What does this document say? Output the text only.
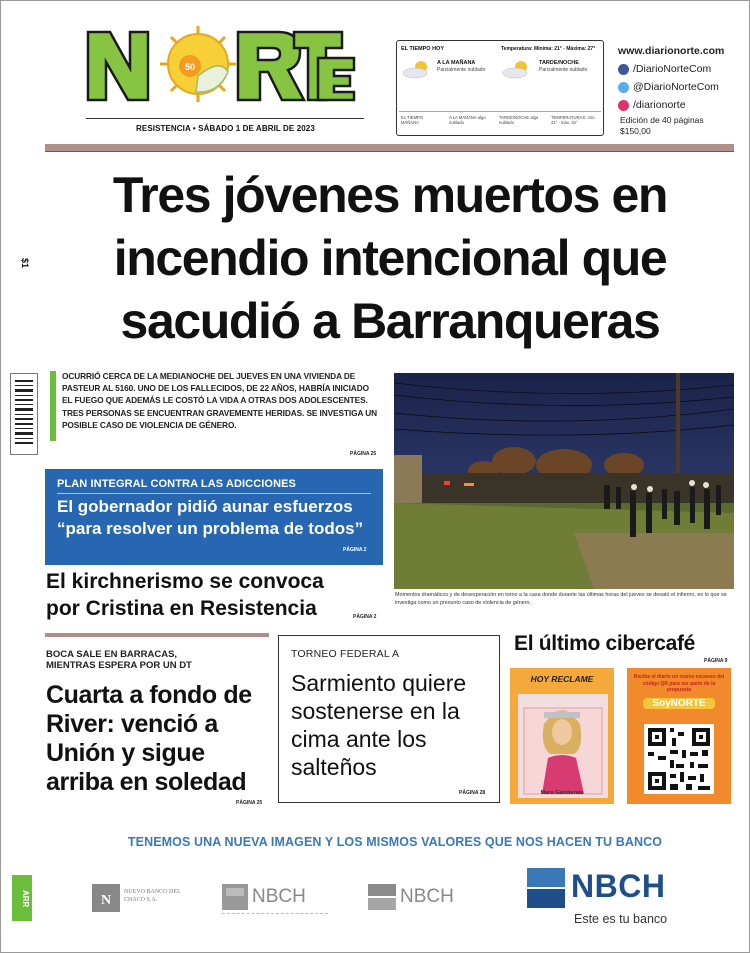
50
RESISTENCIA • SÁBADO 1 DE ABRIL DE 2023
EL TIEMPO HOY	Temperatura: Mínima: 21° - Máxima: 27°
A LA MAÑANA
Parcialmente nublado
TARDE/NOCHE
Parcialmente nublado
EL TIEMPO MAÑANA
A LA MAÑANA algo nublado
TARDE/NOCHE algo nublado
TEMPERATURAS: mín. 21° - máx. 32°
www.diarionorte.com
/DiarioNorteCom
@DiarioNorteCom
/diarionorte
Edición de 40 páginas
$150,00
Tres jóvenes muertos en
incendio intencional que
sacudió a Barranqueras
$1
OCURRIÓ CERCA DE LA MEDIANOCHE DEL JUEVES EN UNA VIVIENDA DE PASTEUR AL 5160. UNO DE LOS FALLECIDOS, DE 22 AÑOS, HABRÍA INICIADO EL FUEGO QUE ADEMÁS LE COSTÓ LA VIDA A OTRAS DOS ADOLESCENTES. TRES PERSONAS SE ENCUENTRAN GRAVEMENTE HERIDAS. SE INVESTIGA UN POSIBLE CASO DE VIOLENCIA DE GÉNERO.
PÁGINA 25
Momentos dramáticos y de desesperación en torno a la casa donde durante las últimas horas del jueves se desató el infierno, en lo que se investiga como un presunto caso de violencia de género.
PLAN INTEGRAL CONTRA LAS ADICCIONES
El gobernador pidió aunar esfuerzos
“para resolver un problema de todos”
PÁGINA 2
El kirchnerismo se convoca
por Cristina en Resistencia	PÁGINA 2
BOCA SALE EN BARRACAS,
MIENTRAS ESPERA POR UN DT
Cuarta a fondo de River: venció a Unión y sigue arriba en soledad
PÁGINA 25
TORNEO FEDERAL A
Sarmiento quiere sostenerse en la cima ante los salteños
PÁGINA 28
El último cibercafé
PÁGINA 9
HOY RECLAME
Mara Gamberale
Recibe el diario un nuevo escaneo del código QR para ser parte de la propuesta
SoyNORTE
TENEMOS UNA NUEVA IMAGEN Y LOS MISMOS VALORES QUE NOS HACEN TU BANCO
ARR	N
NUEVO BANCO DEL CHACO S.A.	NBCH	NBCH	NBCH
Este es tu banco
